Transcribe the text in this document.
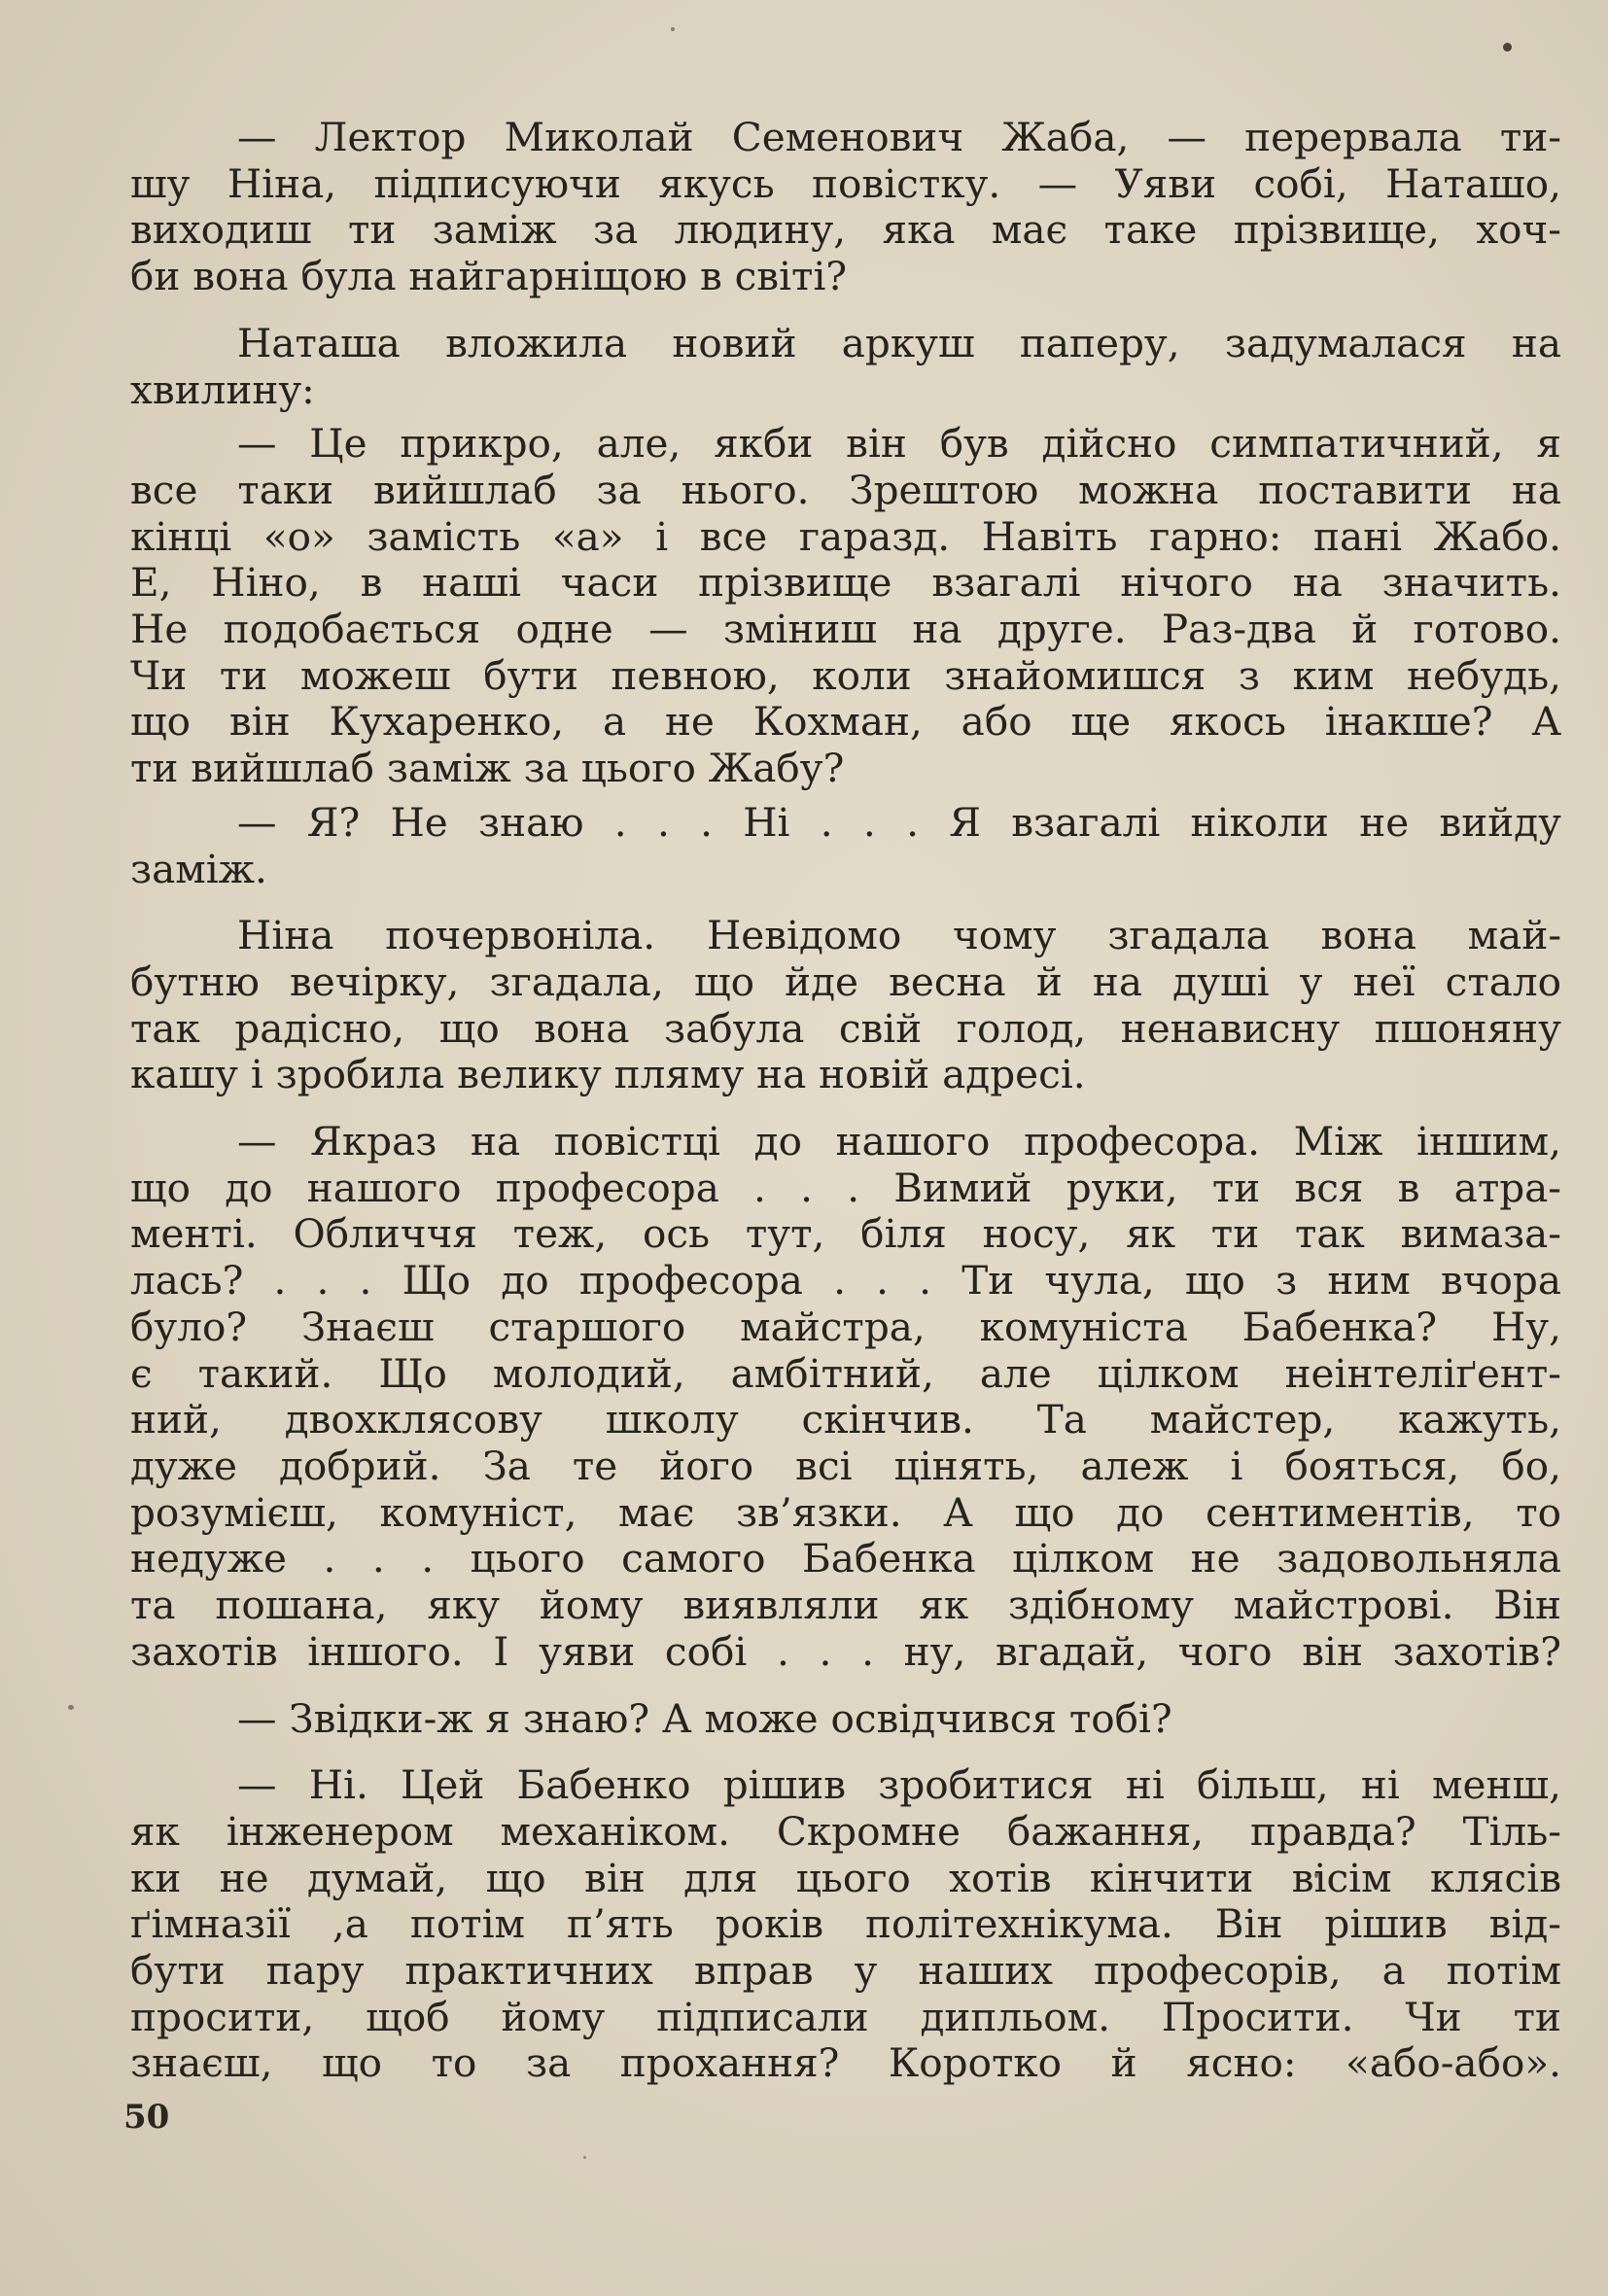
— Лектор Миколай Семенович Жаба, — перервала ти-
шу Ніна, підписуючи якусь повістку. — Уяви собі, Наташо,
виходиш ти заміж за людину, яка має таке прізвище, хоч-
би вона була найгарніщою в світі?

Наташа вложила новий аркуш паперу, задумалася на
хвилину:

— Це прикро, але, якби він був дійсно симпатичний, я
все таки вийшлаб за нього. Зрештою можна поставити на
кінці «о» замість «а» і все гаразд. Навіть гарно: пані Жабо.
Е, Ніно, в наші часи прізвище взагалі нічого на значить.
Не подобається одне — зміниш на друге. Раз-два й готово.
Чи ти можеш бути певною, коли знайомишся з ким небудь,
що він Кухаренко, а не Кохман, або ще якось інакше? А
ти вийшлаб заміж за цього Жабу?

— Я? Не знаю . . . Ні . . . Я взагалі ніколи не вийду
заміж.

Ніна почервоніла. Невідомо чому згадала вона май-
бутню вечірку, згадала, що йде весна й на душі у неї стало
так радісно, що вона забула свій голод, ненависну пшоняну
кашу і зробила велику пляму на новій адресі.

— Якраз на повістці до нашого професора. Між іншим,
що до нашого професора . . . Вимий руки, ти вся в атра-
менті. Обличчя теж, ось тут, біля носу, як ти так вимаза-
лась? . . . Що до професора . . . Ти чула, що з ним вчора
було? Знаєш старшого майстра, комуніста Бабенка? Ну,
є такий. Що молодий, амбітний, але цілком неінтеліґент-
ний, двохклясову школу скінчив. Та майстер, кажуть,
дуже добрий. За те його всі цінять, алеж і бояться, бо,
розумієш, комуніст, має зв’язки. А що до сентиментів, то
недуже . . . цього самого Бабенка цілком не задовольняла
та пошана, яку йому виявляли як здібному майстрові. Він
захотів іншого. І уяви собі . . . ну, вгадай, чого він захотів?

— Звідки-ж я знаю? А може освідчився тобі?

— Ні. Цей Бабенко рішив зробитися ні більш, ні менш,
як інженером механіком. Скромне бажання, правда? Тіль-
ки не думай, що він для цього хотів кінчити вісім клясів
ґімназії ,а потім п’ять років політехнікума. Він рішив від-
бути пару практичних вправ у наших професорів, а потім
просити, щоб йому підписали дипльом. Просити. Чи ти
знаєш, що то за прохання? Коротко й ясно: «або-або».

50
